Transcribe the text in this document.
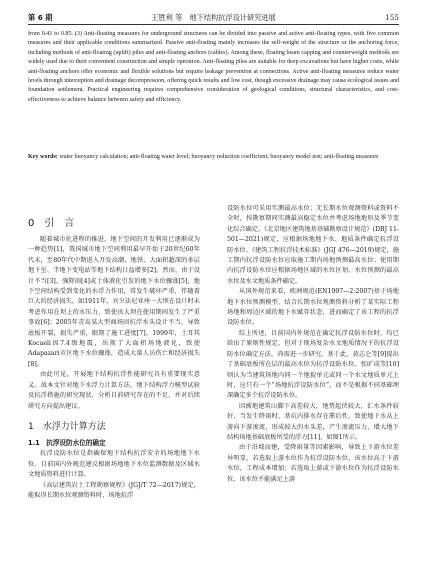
第 6 期	王胜利 等　地下结构抗浮设计研究进展	155
from 0.41 to 0.85. (3) Anti-floating measures for underground structures can be divided into passive and active anti-floating types, with five common measures and their applicable conditions summarized. Passive anti-floating mainly increases the self-weight of the structure or the anchoring force, including methods of anti-floating (uplift) piles and anti-floating anchors (cables). Among these, floating beam capping and counterweight methods are widely used due to their convenient construction and simple operation. Anti-floating piles are suitable for deep excavations but have higher costs, while anti-floating anchors offer economic and flexible solutions but require leakage prevention at connections. Active anti-floating measures reduce water levels through interception and drainage decompression, offering quick results and low cost, though excessive drainage may cause ecological issues and foundation settlement. Practical engineering requires comprehensive consideration of geological conditions, structural characteristics, and cost-effectiveness to achieve balance between safety and efficiency.
Key words: water buoyancy calculation; anti-floating water level; buoyancy reduction coefficient; buoyancy model test; anti-floating measures
0　引　言

随着城市化进程的推进，地下空间的开发利用已逐渐成为一种趋势[1]，我国城市地下空间利用最早开始于20世纪60年代末，至80年代中期进入开发高潮，地铁、大面积超深的多层地下室、半地下变电站等地下结构日益增多[2]。然而，由于设计不当[3]、强降雨[4]或土体液化引发的地下水位骤涨[5]，地下空间结构受到变化的水浮力作用，常发生破坏严重，伴随着巨大的经济损失。如1911年，宾夕法尼亚州一大坝在设计时未考虑作用在坝上的水压力，致使该大坝在使用期间发生了严重事故[6]；2005年青岛某大型商场因抗浮水头设计不当，导致底板开裂，损失严重，限期了施工进度[7]。1999年，土耳其Kocaeli因7.4级地震，出现了大面积场地液化，致使Adapazari市区地下水位骤涨，造成大量人员伤亡和经济损失[8]。

由此可见，开展地下结构抗浮性能研究具有重要现实意义。故本文针对地下水浮力计算方法、地下结构浮力模型试验及抗浮措施的研究现状，分析目前研究存在的不足，并对后续研究方向提出建议。

1　水浮力计算方法
1.1　抗浮设防水位的确定

抗浮设防水位是指确保地下结构抗浮安全的场地地下水位。目前国内外规范建议根据场地地下水位监测数据及区域水文地质资料进行计算。

《高层建筑岩土工程勘察规程》(JGJ/T 72—2017)规定，能取得长期水位观测资料时，场地抗浮

设防水位可采用实测最高水位；无长期水位观测资料或资料不全时，按勘察期间实测最高稳定水位并考虑场地地形及季节变化综合确定。《北京地区建筑地基基础勘察设计规范》(DBJ 11-501—2021)规定，应根据场地地下水、地质条件确定抗浮设防水位。《建筑工程抗浮技术标准》(JGJ 476—2019)规定，施工期内抗浮设防水位应取施工期内场地预测最高水位；使用期内抗浮设防水位应根据场地区域的水位区划、水位预测的最高水位及水文地质条件确定。

从国外规范来看，欧洲规范(EN1997—2:2007)基于场地地下水位预测模型，结合长期水位观测资料分析了某实际工程场地和周边区域的地下水赋存状态，进而确定了该工程的抗浮设防水位。

综上所述，目前国内外规范在确定抗浮设防水位时，均已给出了原则性规定，但对于现场复杂水文地质情况下的抗浮设防水位确定方法，尚需进一步研究。基于此，黄志仑等[9]提出了基础底板所在层的最高水位为抗浮设防水位。张旷成等[10]则认为当建筑场地内同一个地貌单元或同一个水文地质单元上时，应只有一个“场地抗浮设防水位”，而不是根据不同基础埋深确定多个抗浮设防水位。

因被地建筑山脚下高差较大，地势起伏较大，汇水条件较好，当发生降雨时，基坑内排水存在滞后性，致使地下水从上游向下游渗流，形成较大的水头差，产生渗流压力，增大地下结构场地基础底板所受的浮力[11]，如图1所示。

由于沿坡而建，受降雨量等因素影响，导致上下游水位差异明显，若选取上游水位作为抗浮设防水位，该水位高于下游水位，工程成本增加；若选取上游或下游水位作为抗浮设防水位，该水位不能满足上游
